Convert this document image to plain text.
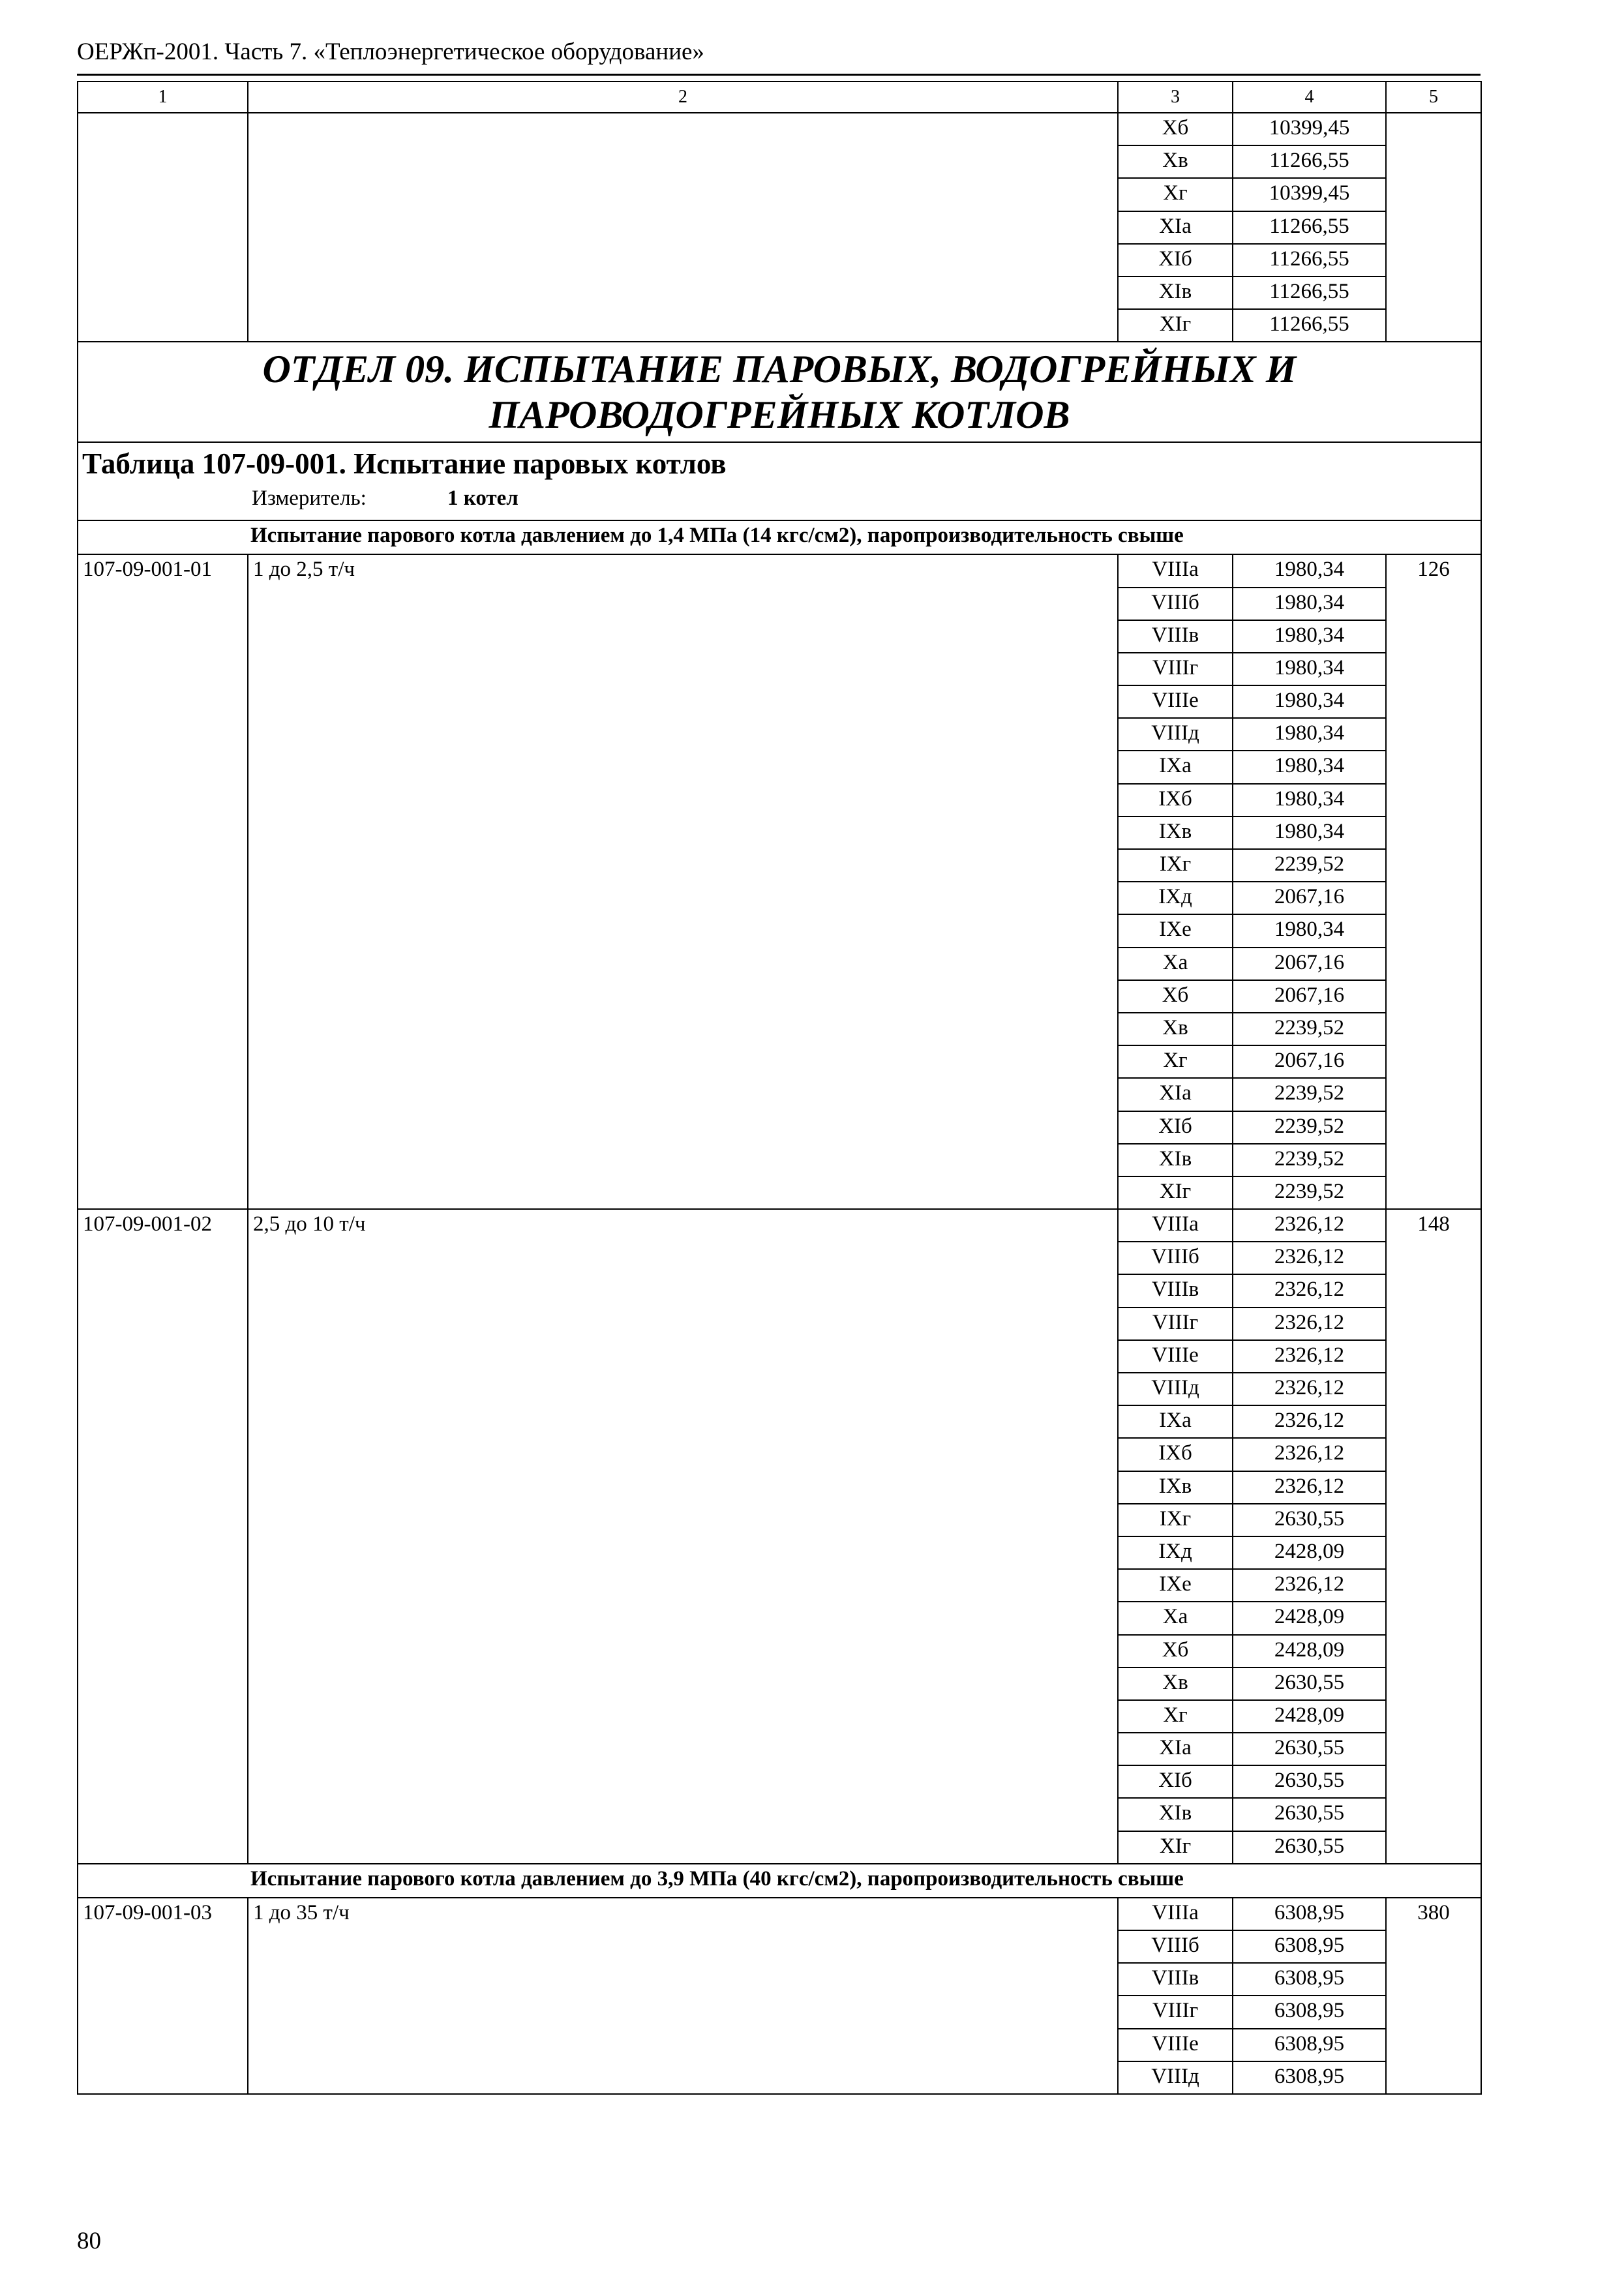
ОЕРЖп-2001. Часть 7. «Теплоэнергетическое оборудование»
1	2	3	4	5
		Xб	10399,45	
		Xв	11266,55	
		Xг	10399,45	
		XIа	11266,55	
		XIб	11266,55	
		XIв	11266,55	
		XIг	11266,55	
ОТДЕЛ 09. ИСПЫТАНИЕ ПАРОВЫХ, ВОДОГРЕЙНЫХ И
ПАРОВОДОГРЕЙНЫХ КОТЛОВ				

Таблица 107-09-001. Испытание паровых котлов
Измеритель: 1 котел				

Испытание парового котла давлением до 1,4 МПа (14 кгс/см2), паропроизводительность свыше				
107-09-001-01	1 до 2,5 т/ч	VIIIа	1980,34	126
		VIIIб	1980,34	
		VIIIв	1980,34	
		VIIIг	1980,34	
		VIIIе	1980,34	
		VIIIд	1980,34	
		IXа	1980,34	
		IXб	1980,34	
		IXв	1980,34	
		IXг	2239,52	
		IXд	2067,16	
		IXе	1980,34	
		Xа	2067,16	
		Xб	2067,16	
		Xв	2239,52	
		Xг	2067,16	
		XIа	2239,52	
		XIб	2239,52	
		XIв	2239,52	
		XIг	2239,52	
107-09-001-02	2,5 до 10 т/ч	VIIIа	2326,12	148
		VIIIб	2326,12	
		VIIIв	2326,12	
		VIIIг	2326,12	
		VIIIе	2326,12	
		VIIIд	2326,12	
		IXа	2326,12	
		IXб	2326,12	
		IXв	2326,12	
		IXг	2630,55	
		IXд	2428,09	
		IXе	2326,12	
		Xа	2428,09	
		Xб	2428,09	
		Xв	2630,55	
		Xг	2428,09	
		XIа	2630,55	
		XIб	2630,55	
		XIв	2630,55	
		XIг	2630,55	
Испытание парового котла давлением до 3,9 МПа (40 кгс/см2), паропроизводительность свыше				
107-09-001-03	1 до 35 т/ч	VIIIа	6308,95	380
		VIIIб	6308,95	
		VIIIв	6308,95	
		VIIIг	6308,95	
		VIIIе	6308,95	
		VIIIд	6308,95	
80
